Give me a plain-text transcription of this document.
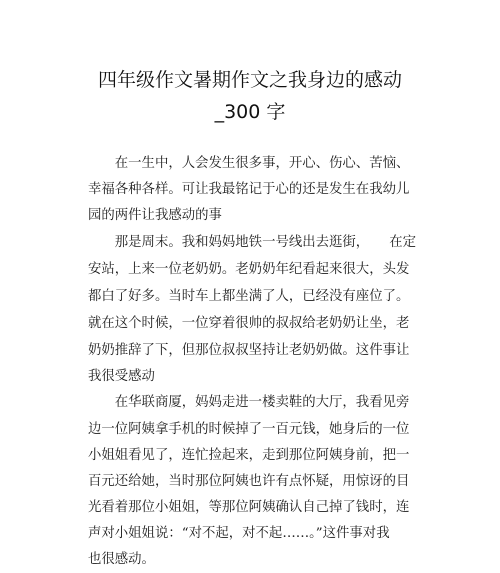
四年级作文暑期作文之我身边的感动
_300 字
　　在一生中，人会发生很多事，开心、伤心、苦恼、
幸福各种各样。可让我最铭记于心的还是发生在我幼儿
园的两件让我感动的事
　　那是周末。我和妈妈地铁一号线出去逛街，　　在定
安站，上来一位老奶奶。老奶奶年纪看起来很大，头发
都白了好多。当时车上都坐满了人，已经没有座位了。
就在这个时候，一位穿着很帅的叔叔给老奶奶让坐，老
奶奶推辞了下，但那位叔叔坚持让老奶奶做。这件事让
我很受感动
　　在华联商厦，妈妈走进一楼卖鞋的大厅，我看见旁
边一位阿姨拿手机的时候掉了一百元钱，她身后的一位
小姐姐看见了，连忙捡起来，走到那位阿姨身前，把一
百元还给她，当时那位阿姨也许有点怀疑，用惊讶的目
光看着那位小姐姐，等那位阿姨确认自己掉了钱时，连
声对小姐姐说：“对不起，对不起……。”这件事对我
也很感动。
